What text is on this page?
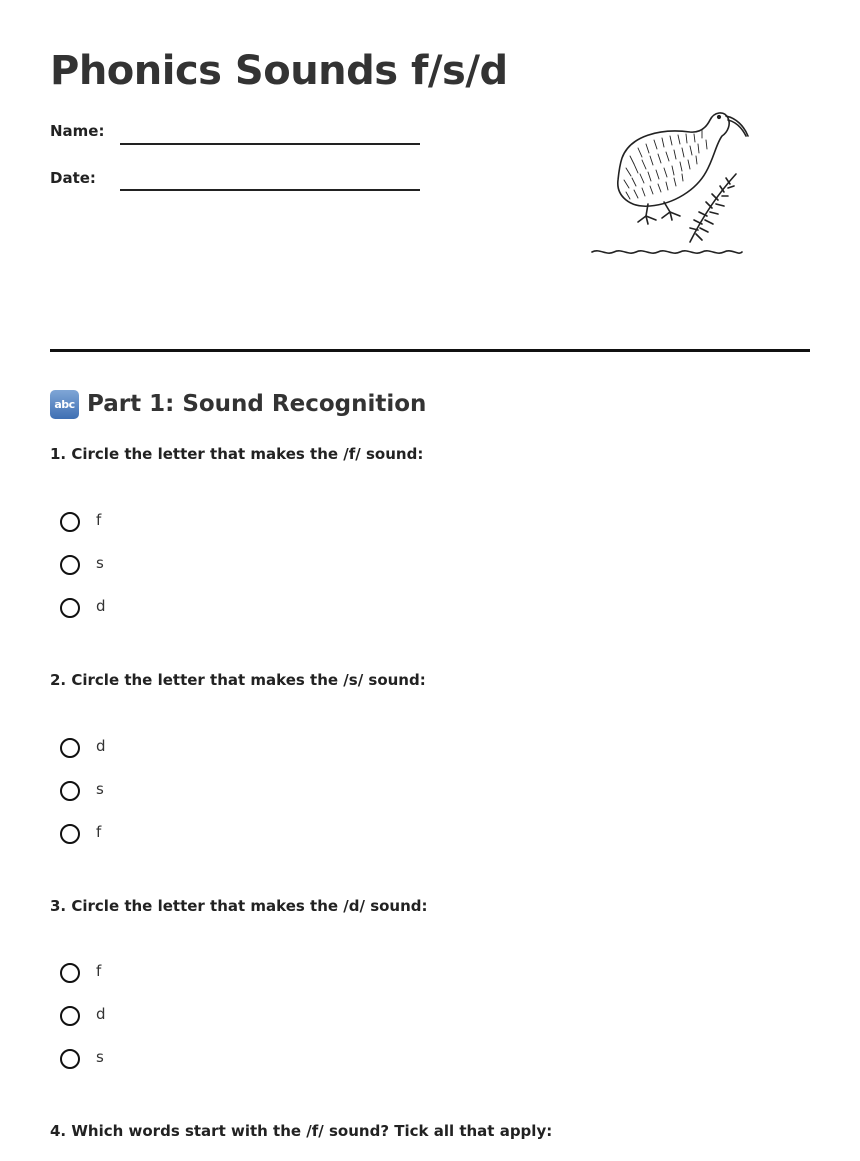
Phonics Sounds f/s/d
Name:
Date:
abc Part 1: Sound Recognition
1. Circle the letter that makes the /f/ sound:
f
s
d
2. Circle the letter that makes the /s/ sound:
d
s
f
3. Circle the letter that makes the /d/ sound:
f
d
s
4. Which words start with the /f/ sound? Tick all that apply:
